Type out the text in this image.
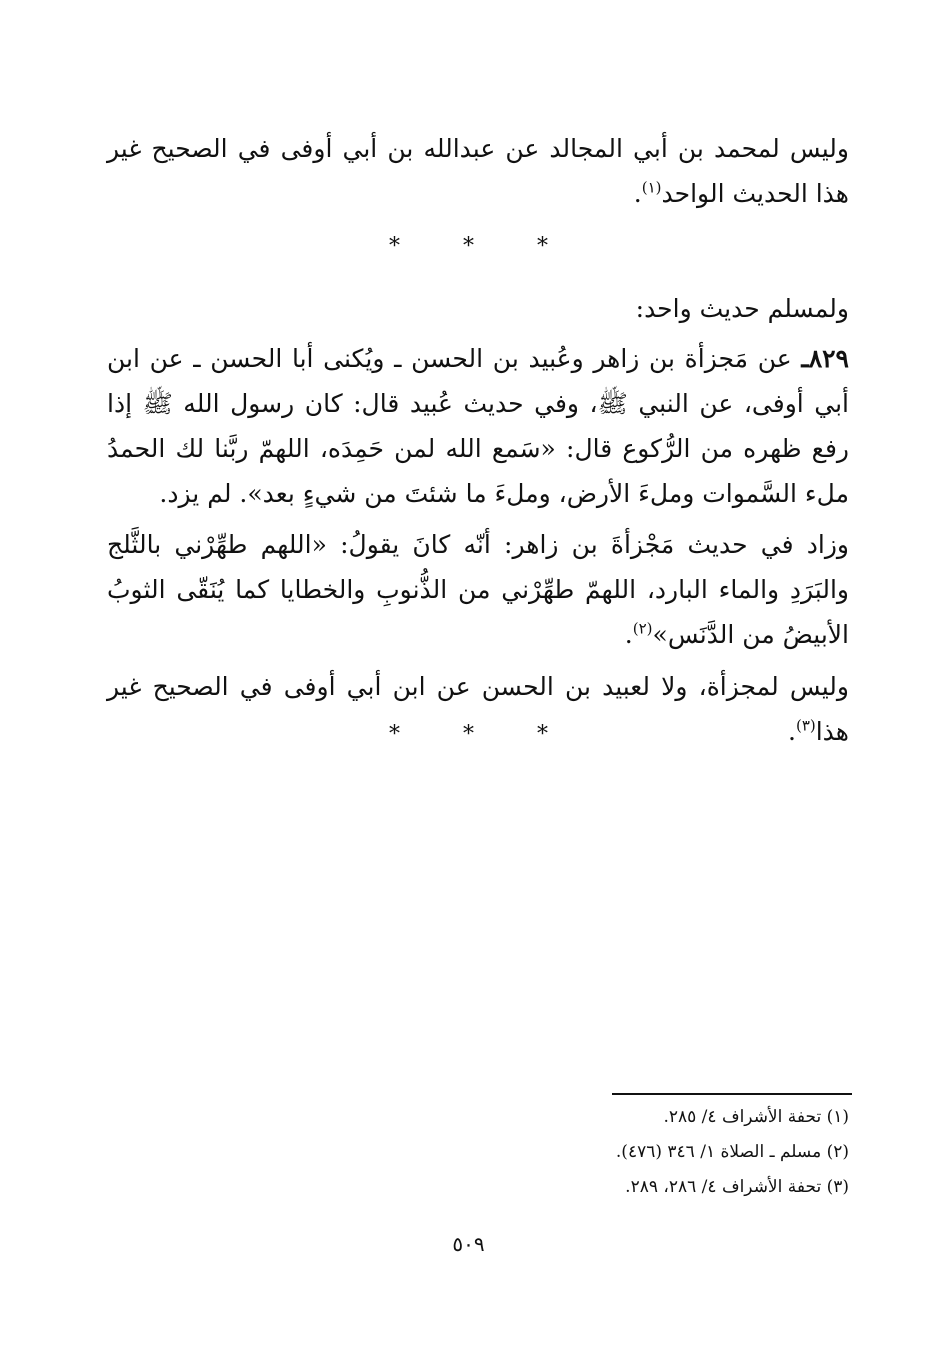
وليس لمحمد بن أبي المجالد عن عبدالله بن أبي أوفى في الصحيح غير هذا الحديث الواحد$^{(١)}$.

* * *

ولمسلم حديث واحد:

٨٢٩ـ عن مَجزأة بن زاهر وعُبيد بن الحسن ـ ويُكنى أبا الحسن ـ عن ابن أبي أوفى، عن النبي ﷺ، وفي حديث عُبيد قال: كان رسول الله ﷺ إذا رفع ظهره من الرُّكوع قال: «سَمع الله لمن حَمِدَه، اللهمّ ربَّنا لك الحمدُ ملء السَّموات وملءَ الأرض، وملءَ ما شئتَ من شيءٍ بعد». لم يزد.

وزاد في حديث مَجْزأةَ بن زاهر: أنّه كانَ يقولُ: «اللهم طهِّرْني بالثَّلج والبَرَدِ والماء البارد، اللهمّ طهِّرْني من الذُّنوبِ والخطايا كما يُنَقّى الثوبُ الأبيضُ من الدَّنَس»$^{(٢)}$.

وليس لمجزأة، ولا لعبيد بن الحسن عن ابن أبي أوفى في الصحيح غير هذا$^{(٣)}$.

* * *
(١) تحفة الأشراف ٤/ ٢٨٥.
(٢) مسلم ـ الصلاة ١/ ٣٤٦ (٤٧٦).
(٣) تحفة الأشراف ٤/ ٢٨٦، ٢٨٩.
٥٠٩
